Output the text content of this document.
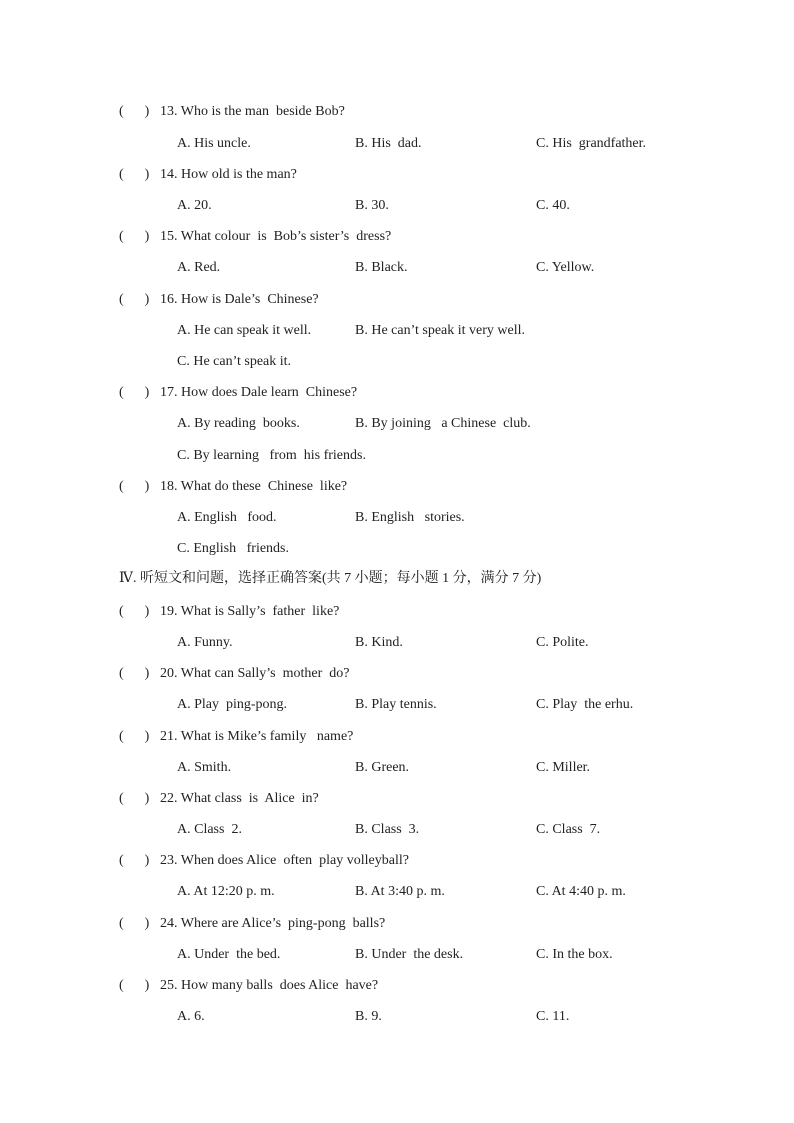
(      ) 13. Who is the man  beside Bob?
A. His uncle.	B. His  dad.	C. His  grandfather.
(      ) 14. How old is the man?
A. 20.	B. 30.	C. 40.
(      ) 15. What colour  is  Bob’s sister’s  dress?
A. Red.	B. Black.	C. Yellow.
(      ) 16. How is Dale’s  Chinese?
A. He can speak it well.	B. He can’t speak it very well.
C. He can’t speak it.
(      ) 17. How does Dale learn  Chinese?
A. By reading  books.	B. By joining   a Chinese  club.
C. By learning   from  his friends.
(      ) 18. What do these  Chinese  like?
A. English   food.	B. English   stories.
C. English   friends.
Ⅳ. 听短文和问题，选择正确答案(共 7 小题；每小题 1 分，满分 7 分)
(      ) 19. What is Sally’s  father  like?
A. Funny.	B. Kind.	C. Polite.
(      ) 20. What can Sally’s  mother  do?
A. Play  ping-pong.	B. Play tennis.	C. Play  the erhu.
(      ) 21. What is Mike’s family   name?
A. Smith.	B. Green.	C. Miller.
(      ) 22. What class  is  Alice  in?
A. Class  2.	B. Class  3.	C. Class  7.
(      ) 23. When does Alice  often  play volleyball?
A. At 12:20 p. m.	B. At 3:40 p. m.	C. At 4:40 p. m.
(      ) 24. Where are Alice’s  ping-pong  balls?
A. Under  the bed.	B. Under  the desk.	C. In the box.
(      ) 25. How many balls  does Alice  have?
A. 6.	B. 9.	C. 11.
